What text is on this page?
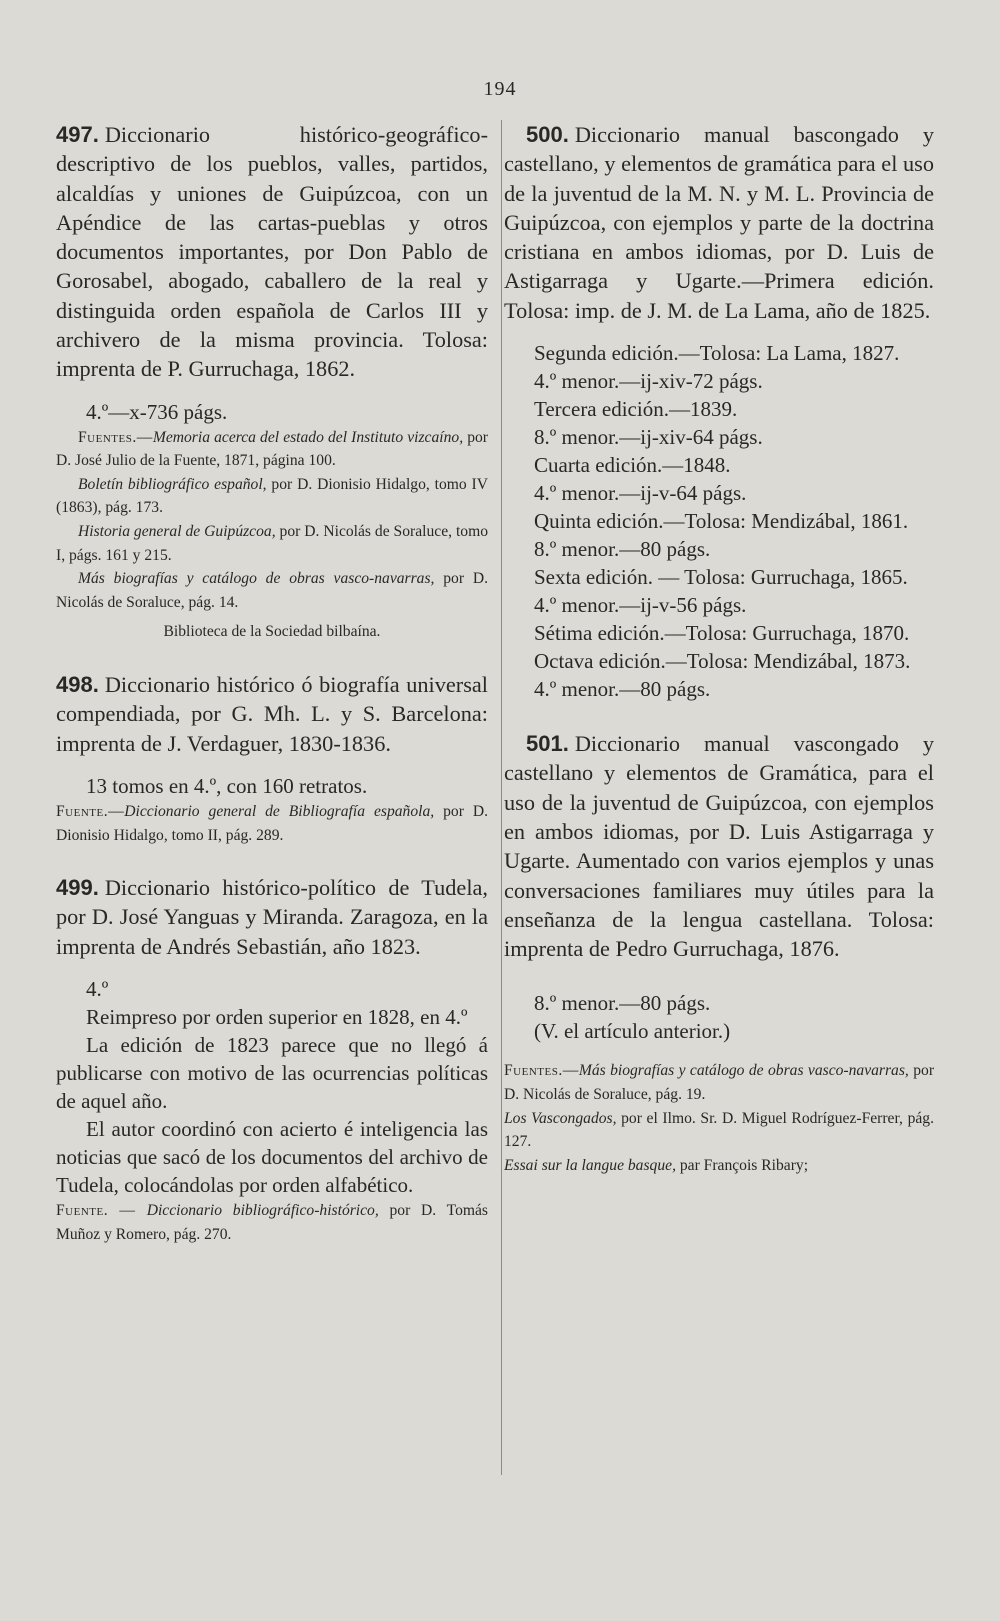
194

497. Diccionario histórico-geográfico-descriptivo de los pueblos, valles, partidos, alcaldías y uniones de Guipúzcoa, con un Apéndice de las cartas-pueblas y otros documentos importantes, por Don Pablo de Gorosabel, abogado, caballero de la real y distinguida orden española de Carlos III y archivero de la misma provincia. Tolosa: imprenta de P. Gurruchaga, 1862.

4.º—x-736 págs.

Fuentes.—Memoria acerca del estado del Instituto vizcaíno, por D. José Julio de la Fuente, 1871, página 100.

Boletín bibliográfico español, por D. Dionisio Hidalgo, tomo IV (1863), pág. 173.

Historia general de Guipúzcoa, por D. Nicolás de Soraluce, tomo I, págs. 161 y 215.

Más biografías y catálogo de obras vasco-navarras, por D. Nicolás de Soraluce, pág. 14.

Biblioteca de la Sociedad bilbaína.

498. Diccionario histórico ó biografía universal compendiada, por G. Mh. L. y S. Barcelona: imprenta de J. Verdaguer, 1830-1836.

13 tomos en 4.º, con 160 retratos.

Fuente.—Diccionario general de Bibliografía española, por D. Dionisio Hidalgo, tomo II, pág. 289.

499. Diccionario histórico-político de Tudela, por D. José Yanguas y Miranda. Zaragoza, en la imprenta de Andrés Sebastián, año 1823.

4.º

Reimpreso por orden superior en 1828, en 4.º

La edición de 1823 parece que no llegó á publicarse con motivo de las ocurrencias políticas de aquel año.

El autor coordinó con acierto é inteligencia las noticias que sacó de los documentos del archivo de Tudela, colocándolas por orden alfabético.

Fuente. — Diccionario bibliográfico-histórico, por D. Tomás Muñoz y Romero, pág. 270.

500. Diccionario manual bascongado y castellano, y elementos de gramática para el uso de la juventud de la M. N. y M. L. Provincia de Guipúzcoa, con ejemplos y parte de la doctrina cristiana en ambos idiomas, por D. Luis de Astigarraga y Ugarte.—Primera edición. Tolosa: imp. de J. M. de La Lama, año de 1825.

Segunda edición.—Tolosa: La Lama, 1827.

4.º menor.—ij-xiv-72 págs.

Tercera edición.—1839.

8.º menor.—ij-xiv-64 págs.

Cuarta edición.—1848.

4.º menor.—ij-v-64 págs.

Quinta edición.—Tolosa: Mendizábal, 1861.

8.º menor.—80 págs.

Sexta edición. — Tolosa: Gurruchaga, 1865.

4.º menor.—ij-v-56 págs.

Sétima edición.—Tolosa: Gurruchaga, 1870.

Octava edición.—Tolosa: Mendizábal, 1873.

4.º menor.—80 págs.

501. Diccionario manual vascongado y castellano y elementos de Gramática, para el uso de la juventud de Guipúzcoa, con ejemplos en ambos idiomas, por D. Luis Astigarraga y Ugarte. Aumentado con varios ejemplos y unas conversaciones familiares muy útiles para la enseñanza de la lengua castellana. Tolosa: imprenta de Pedro Gurruchaga, 1876.

8.º menor.—80 págs.

(V. el artículo anterior.)

Fuentes.—Más biografías y catálogo de obras vasco-navarras, por D. Nicolás de Soraluce, pág. 19.

Los Vascongados, por el Ilmo. Sr. D. Miguel Rodríguez-Ferrer, pág. 127.

Essai sur la langue basque, par François Ribary;
